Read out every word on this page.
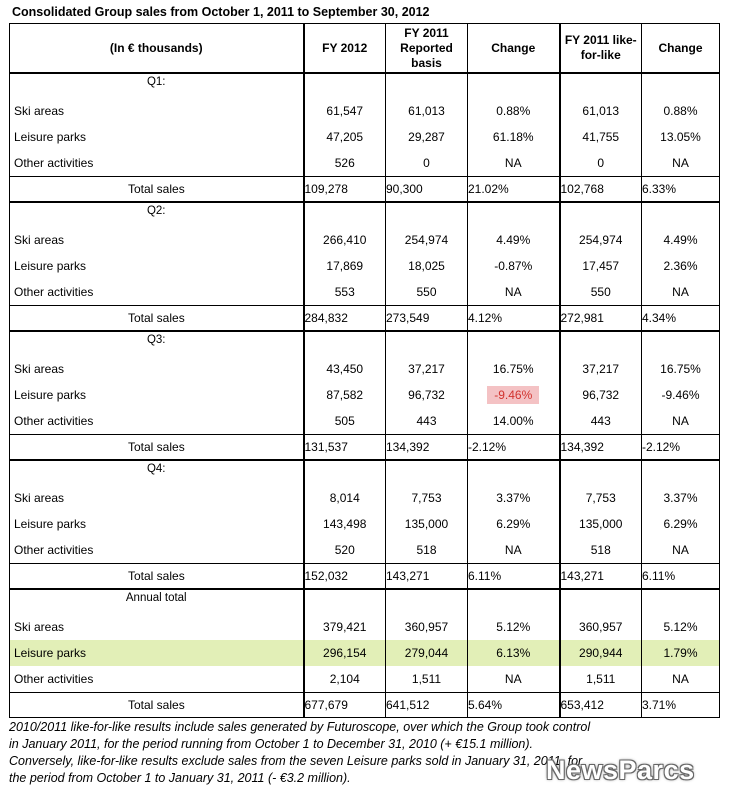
Consolidated Group sales from October 1, 2011 to September 30, 2012
(In € thousands)	FY 2012	FY 2011
Reported
basis	Change	FY 2011 like-
for-like	Change
Q1:					
Ski areas	61,547	61,013	0.88%	61,013	0.88%
Leisure parks	47,205	29,287	61.18%	41,755	13.05%
Other activities	526	0	NA	0	NA
Total sales	109,278	90,300	21.02%	102,768	6.33%
Q2:					
Ski areas	266,410	254,974	4.49%	254,974	4.49%
Leisure parks	17,869	18,025	-0.87%	17,457	2.36%
Other activities	553	550	NA	550	NA
Total sales	284,832	273,549	4.12%	272,981	4.34%
Q3:					
Ski areas	43,450	37,217	16.75%	37,217	16.75%
Leisure parks	87,582	96,732	-9.46%	96,732	-9.46%
Other activities	505	443	14.00%	443	NA
Total sales	131,537	134,392	-2.12%	134,392	-2.12%
Q4:					
Ski areas	8,014	7,753	3.37%	7,753	3.37%
Leisure parks	143,498	135,000	6.29%	135,000	6.29%
Other activities	520	518	NA	518	NA
Total sales	152,032	143,271	6.11%	143,271	6.11%
Annual total					
Ski areas	379,421	360,957	5.12%	360,957	5.12%
Leisure parks	296,154	279,044	6.13%	290,944	1.79%
Other activities	2,104	1,511	NA	1,511	NA
Total sales	677,679	641,512	5.64%	653,412	3.71%
2010/2011 like-for-like results include sales generated by Futuroscope, over which the Group took control
in January 2011, for the period running from October 1 to December 31, 2010 (+ €15.1 million).
Conversely, like-for-like results exclude sales from the seven Leisure parks sold in January 31, 2011, for
the period from October 1 to January 31, 2011 (- €3.2 million).	NewsParcs
